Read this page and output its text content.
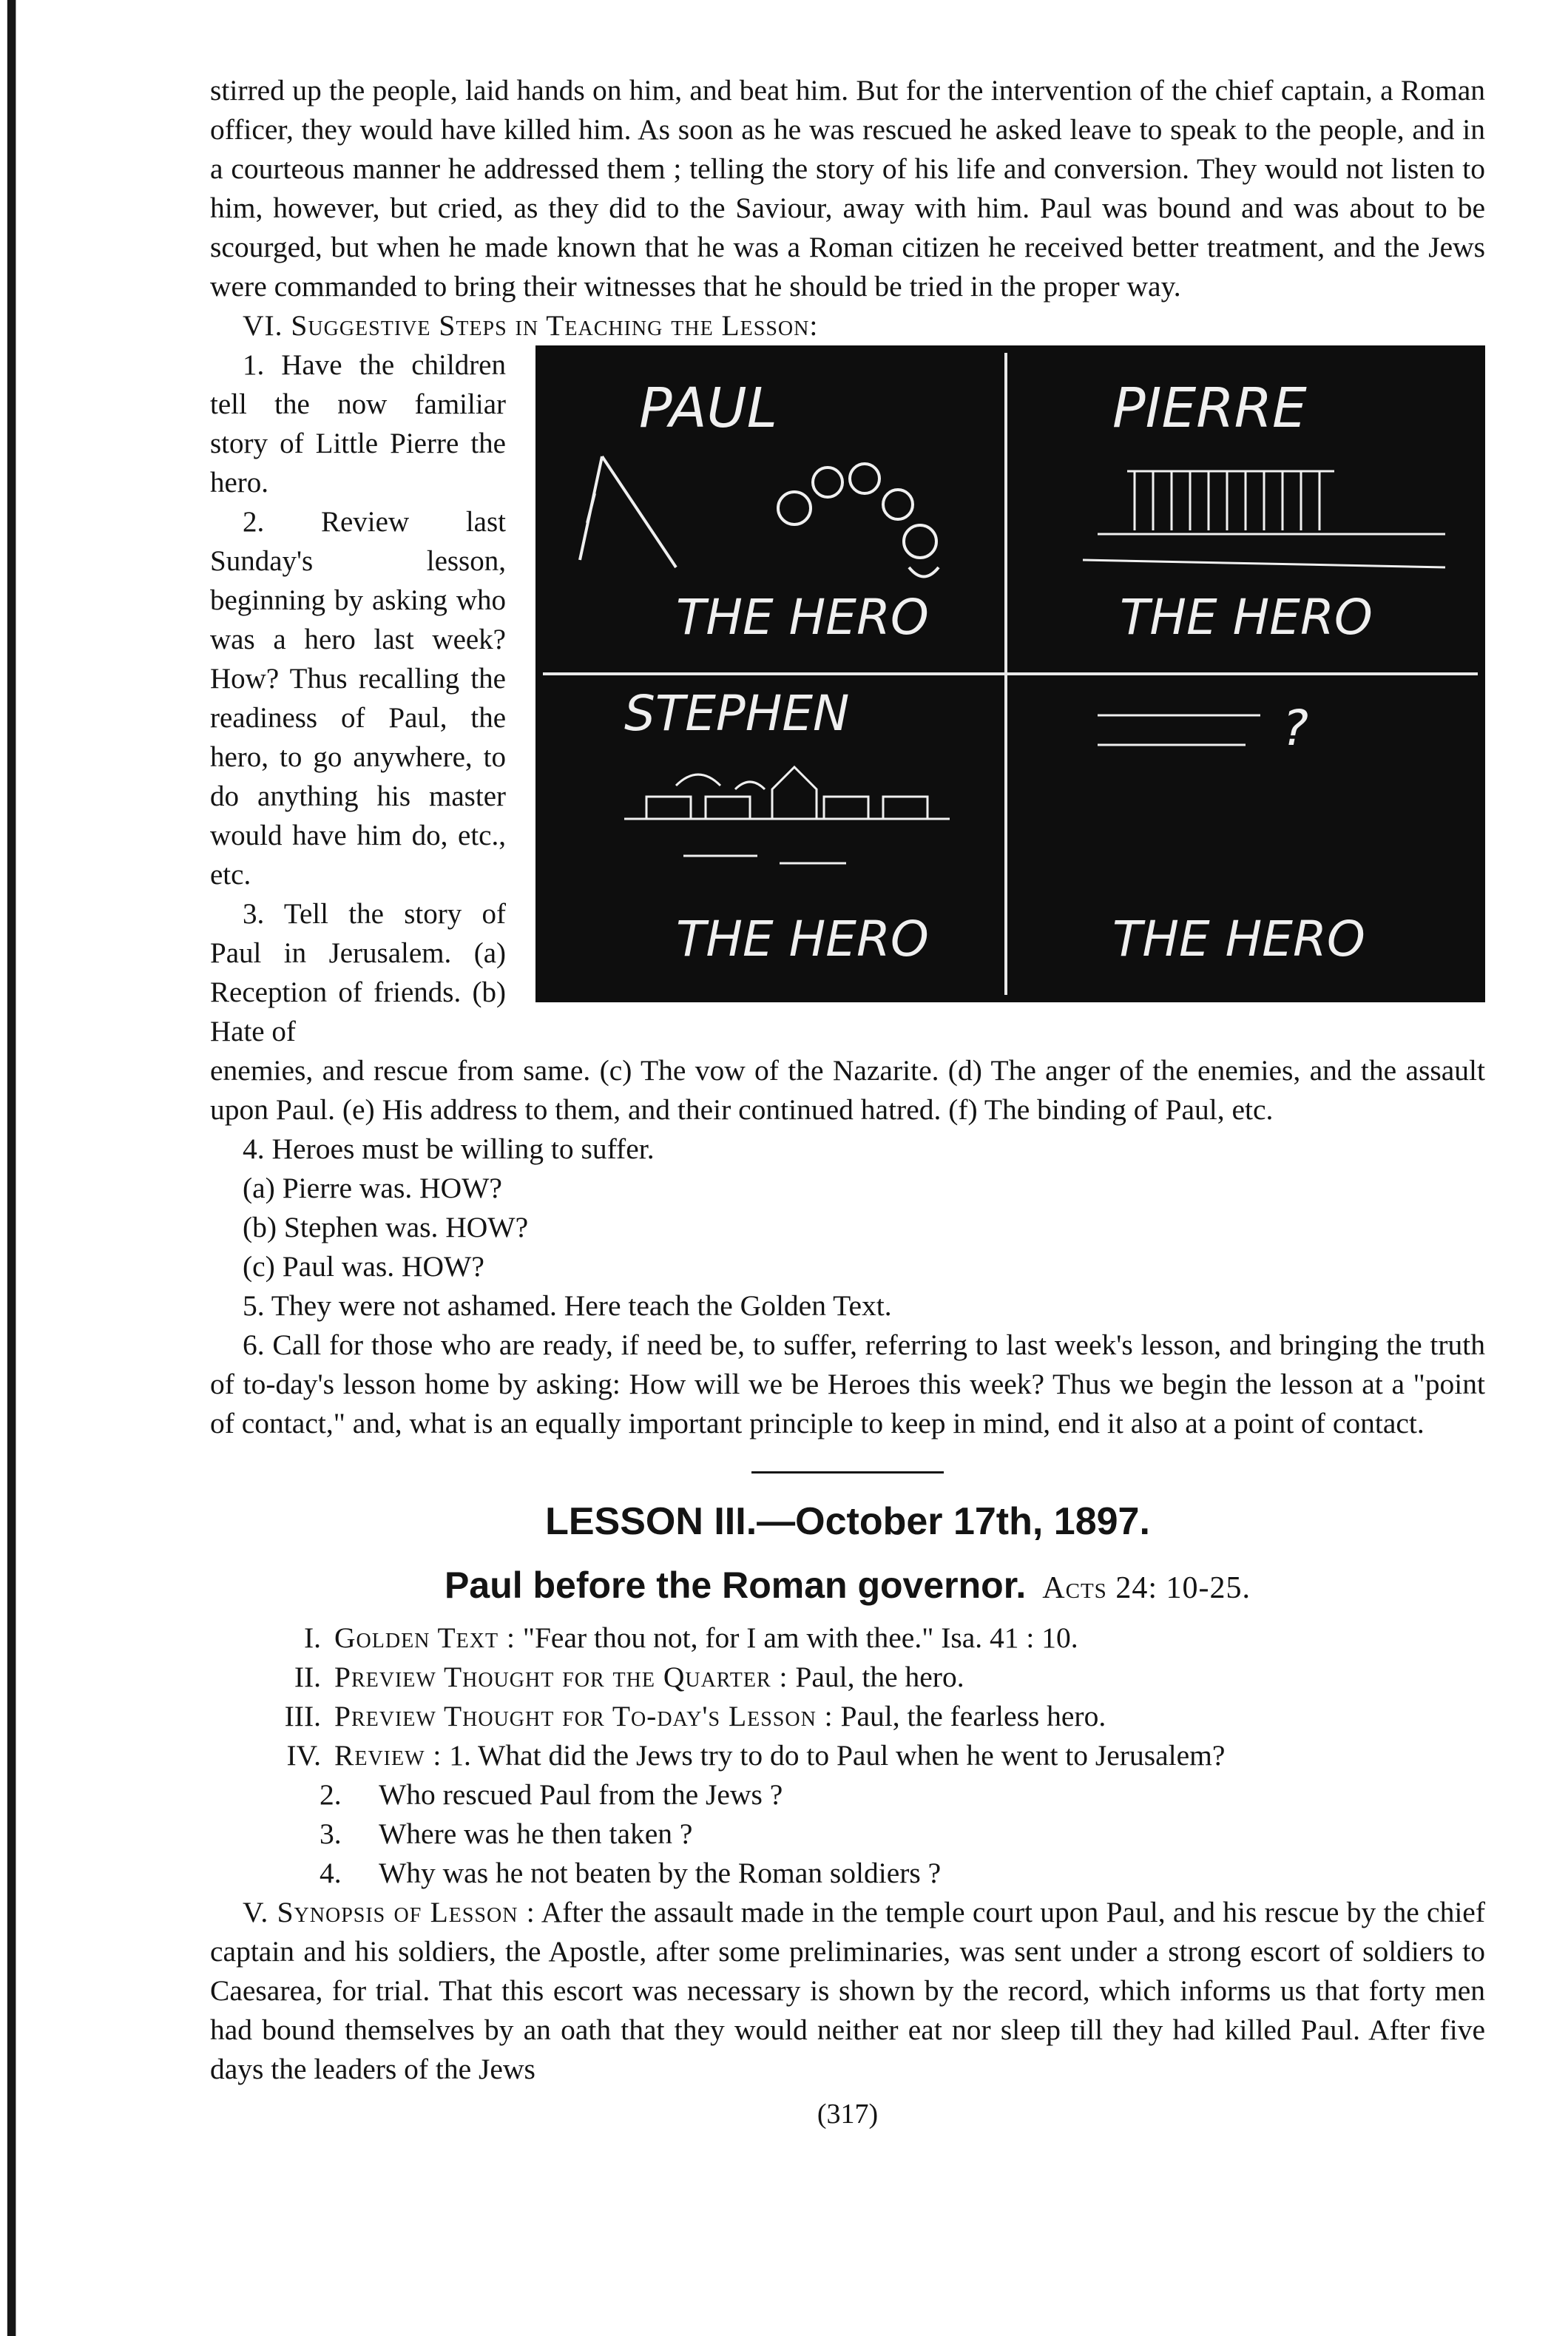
stirred up the people, laid hands on him, and beat him. But for the intervention of the chief captain, a Roman officer, they would have killed him. As soon as he was rescued he asked leave to speak to the people, and in a courteous manner he addressed them ; telling the story of his life and conversion. They would not listen to him, however, but cried, as they did to the Saviour, away with him. Paul was bound and was about to be scourged, but when he made known that he was a Roman citizen he received better treatment, and the Jews were commanded to bring their witnesses that he should be tried in the proper way.

VI. Suggestive Steps in Teaching the Lesson:

1. Have the children tell the now familiar story of Little Pierre the hero.

2. Review last Sunday's lesson, beginning by asking who was a hero last week? How? Thus recalling the readiness of Paul, the hero, to go anywhere, to do anything his master would have him do, etc., etc.

3. Tell the story of Paul in Jerusalem. (a) Reception of friends. (b) Hate of

PAUL
THE HERO
PIERRE
THE HERO
STEPHEN
THE HERO
?
THE HERO

enemies, and rescue from same. (c) The vow of the Nazarite. (d) The anger of the enemies, and the assault upon Paul. (e) His address to them, and their continued hatred. (f) The binding of Paul, etc.

4. Heroes must be willing to suffer.

(a) Pierre was. HOW?

(b) Stephen was. HOW?

(c) Paul was. HOW?

5. They were not ashamed. Here teach the Golden Text.

6. Call for those who are ready, if need be, to suffer, referring to last week's lesson, and bringing the truth of to-day's lesson home by asking: How will we be Heroes this week? Thus we begin the lesson at a "point of contact," and, what is an equally important principle to keep in mind, end it also at a point of contact.

LESSON III.—October 17th, 1897.
Paul before the Roman governor. Acts 24: 10-25.
I. Golden Text : "Fear thou not, for I am with thee." Isa. 41 : 10.
II. Preview Thought for the Quarter : Paul, the hero.
III. Preview Thought for To-day's Lesson : Paul, the fearless hero.
IV. Review : 1. What did the Jews try to do to Paul when he went to Jerusalem?
2.	Who rescued Paul from the Jews ?
3.	Where was he then taken ?
4.	Why was he not beaten by the Roman soldiers ?

V. Synopsis of Lesson : After the assault made in the temple court upon Paul, and his rescue by the chief captain and his soldiers, the Apostle, after some preliminaries, was sent under a strong escort of soldiers to Caesarea, for trial. That this escort was necessary is shown by the record, which informs us that forty men had bound themselves by an oath that they would neither eat nor sleep till they had killed Paul. After five days the leaders of the Jews

(317)
